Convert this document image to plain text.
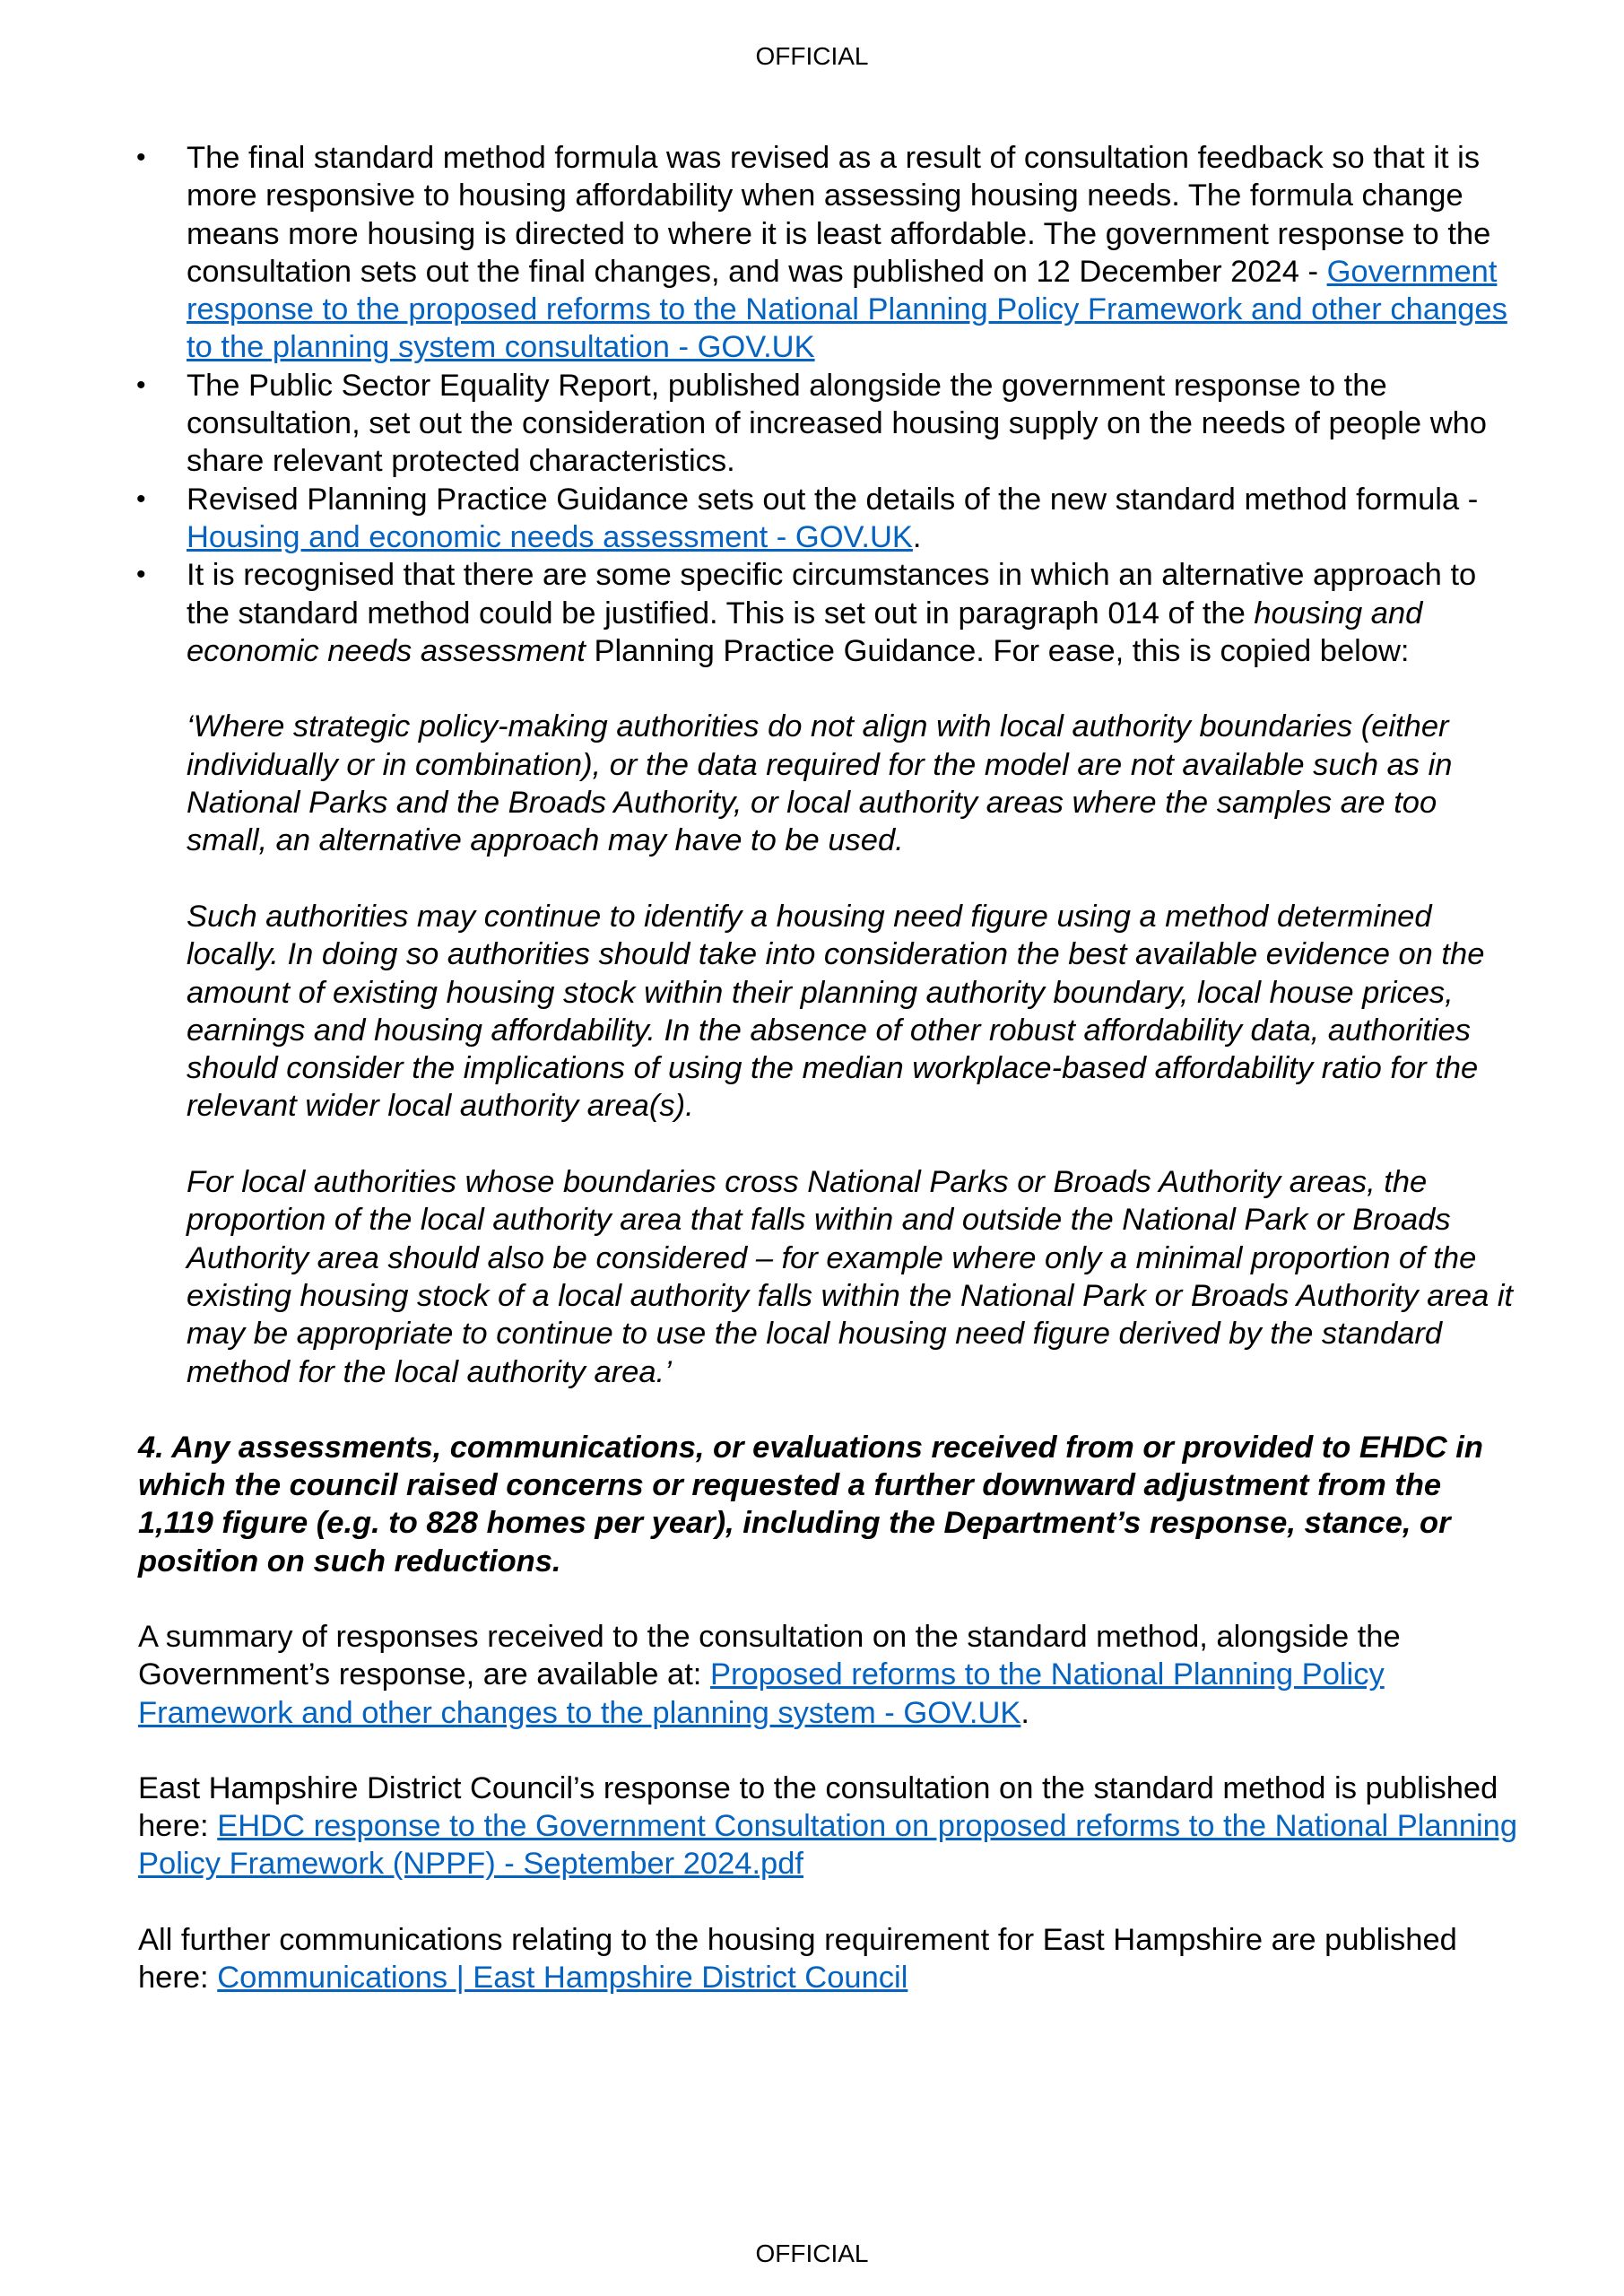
OFFICIAL
• The final standard method formula was revised as a result of consultation feedback so that it is more responsive to housing affordability when assessing housing needs. The formula change means more housing is directed to where it is least affordable. The government response to the consultation sets out the final changes, and was published on 12 December 2024 - Government response to the proposed reforms to the National Planning Policy Framework and other changes to the planning system consultation - GOV.UK
• The Public Sector Equality Report, published alongside the government response to the consultation, set out the consideration of increased housing supply on the needs of people who share relevant protected characteristics.
• Revised Planning Practice Guidance sets out the details of the new standard method formula - Housing and economic needs assessment - GOV.UK.
• It is recognised that there are some specific circumstances in which an alternative approach to the standard method could be justified. This is set out in paragraph 014 of the housing and economic needs assessment Planning Practice Guidance. For ease, this is copied below:

‘Where strategic policy-making authorities do not align with local authority boundaries (either individually or in combination), or the data required for the model are not available such as in National Parks and the Broads Authority, or local authority areas where the samples are too small, an alternative approach may have to be used.

Such authorities may continue to identify a housing need figure using a method determined locally. In doing so authorities should take into consideration the best available evidence on the amount of existing housing stock within their planning authority boundary, local house prices, earnings and housing affordability. In the absence of other robust affordability data, authorities should consider the implications of using the median workplace-based affordability ratio for the relevant wider local authority area(s).

For local authorities whose boundaries cross National Parks or Broads Authority areas, the proportion of the local authority area that falls within and outside the National Park or Broads Authority area should also be considered – for example where only a minimal proportion of the existing housing stock of a local authority falls within the National Park or Broads Authority area it may be appropriate to continue to use the local housing need figure derived by the standard method for the local authority area.’

4. Any assessments, communications, or evaluations received from or provided to EHDC in which the council raised concerns or requested a further downward adjustment from the 1,119 figure (e.g. to 828 homes per year), including the Department’s response, stance, or position on such reductions.

A summary of responses received to the consultation on the standard method, alongside the Government’s response, are available at: Proposed reforms to the National Planning Policy Framework and other changes to the planning system - GOV.UK.

East Hampshire District Council’s response to the consultation on the standard method is published here: EHDC response to the Government Consultation on proposed reforms to the National Planning Policy Framework (NPPF) - September 2024.pdf

All further communications relating to the housing requirement for East Hampshire are published here: Communications | East Hampshire District Council

OFFICIAL
